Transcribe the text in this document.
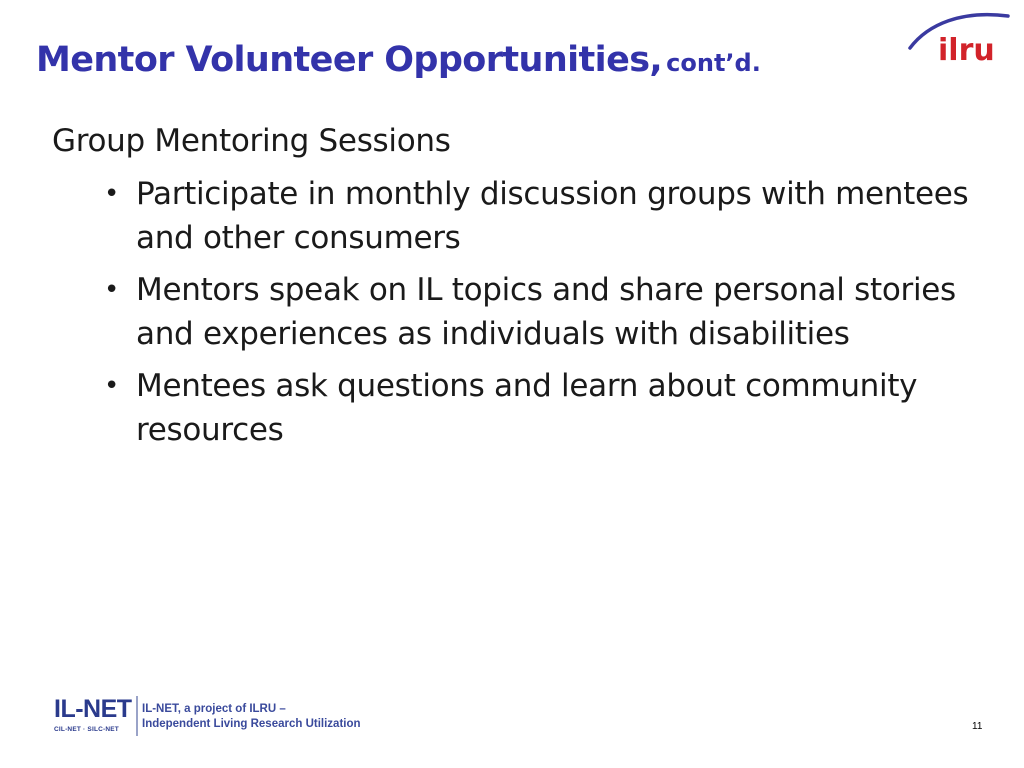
Mentor Volunteer Opportunities, cont’d.	ilru
Group Mentoring Sessions
• Participate in monthly discussion groups with mentees and other consumers
• Mentors speak on IL topics and share personal stories and experiences as individuals with disabilities
• Mentees ask questions and learn about community resources
IL-NET
CIL-NET · SILC-NET
IL-NET, a project of ILRU –
Independent Living Research Utilization	11
